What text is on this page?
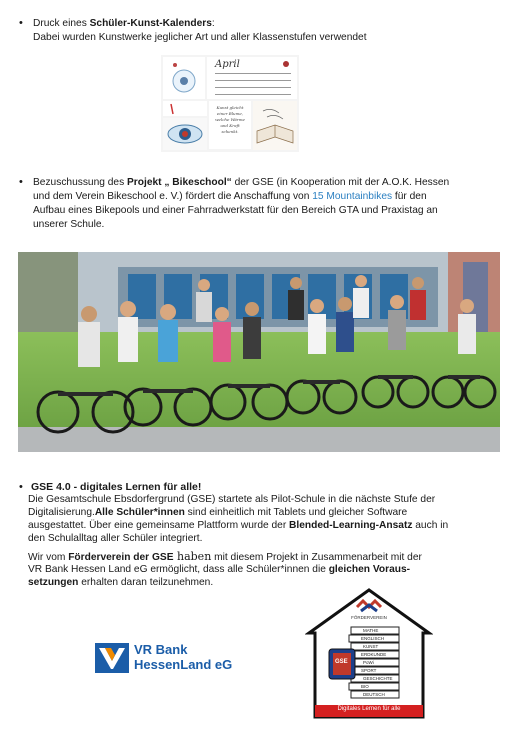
• Druck eines Schüler-Kunst-Kalenders:
Dabei wurden Kunstwerke jeglicher Art und aller Klassenstufen verwendet
April
Kunst gleicht einer Blume, welche Wärme und Kraft schenkt.
• Bezuschussung des Projekt „ Bikeschool“ der GSE (in Kooperation mit der A.O.K. Hessen
und dem Verein Bikeschool e. V.) fördert die Anschaffung von 15 Mountainbikes für den
Aufbau eines Bikepools und einer Fahrradwerkstatt für den Bereich GTA und Praxistag an
unserer Schule.
• GSE 4.0 - digitales Lernen für alle!
Die Gesamtschule Ebsdorfergrund (GSE) startete als Pilot-Schule in die nächste Stufe der
Digitalisierung.Alle Schüler*innen sind einheitlich mit Tablets und gleicher Software
ausgestattet. Über eine gemeinsame Plattform wurde der Blended-Learning-Ansatz auch in
den Schulalltag aller Schüler integriert.
Wir vom Förderverein der GSE haben mit diesem Projekt in Zusammenarbeit mit der
VR Bank Hessen Land eG ermöglicht, dass alle Schüler*innen die gleichen Voraus-
setzungen erhalten daran teilzunehmen.
VR Bank
HessenLand eG
FÖRDERVEREIN
MATHE
ENGLISCH
KUNST
ERDKUNDE
PoWi
SPORT
GESCHICHTE
BIO
DEUTSCH
GSE
Digitales Lernen für alle
